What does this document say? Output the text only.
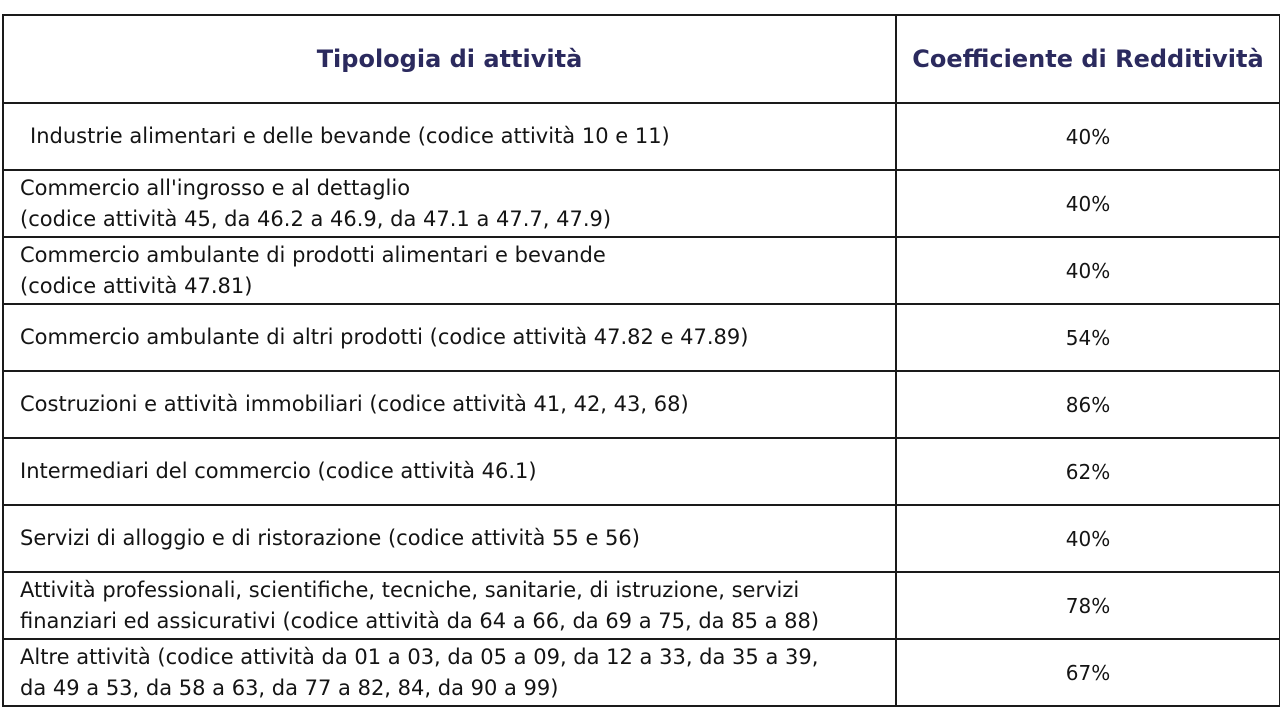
Tipologia di attività	Coefficiente di Redditività

Industrie alimentari e delle bevande (codice attività 10 e 11)	40%

Commercio all'ingrosso e al dettaglio
(codice attività 45, da 46.2 a 46.9, da 47.1 a 47.7, 47.9)	40%

Commercio ambulante di prodotti alimentari e bevande
(codice attività 47.81)	40%

Commercio ambulante di altri prodotti (codice attività 47.82 e 47.89)	54%

Costruzioni e attività immobiliari (codice attività 41, 42, 43, 68)	86%

Intermediari del commercio (codice attività 46.1)	62%

Servizi di alloggio e di ristorazione (codice attività 55 e 56)	40%

Attività professionali, scientifiche, tecniche, sanitarie, di istruzione, servizi
finanziari ed assicurativi (codice attività da 64 a 66, da 69 a 75, da 85 a 88)	78%

Altre attività (codice attività da 01 a 03, da 05 a 09, da 12 a 33, da 35 a 39,
da 49 a 53, da 58 a 63, da 77 a 82, 84, da 90 a 99)	67%
